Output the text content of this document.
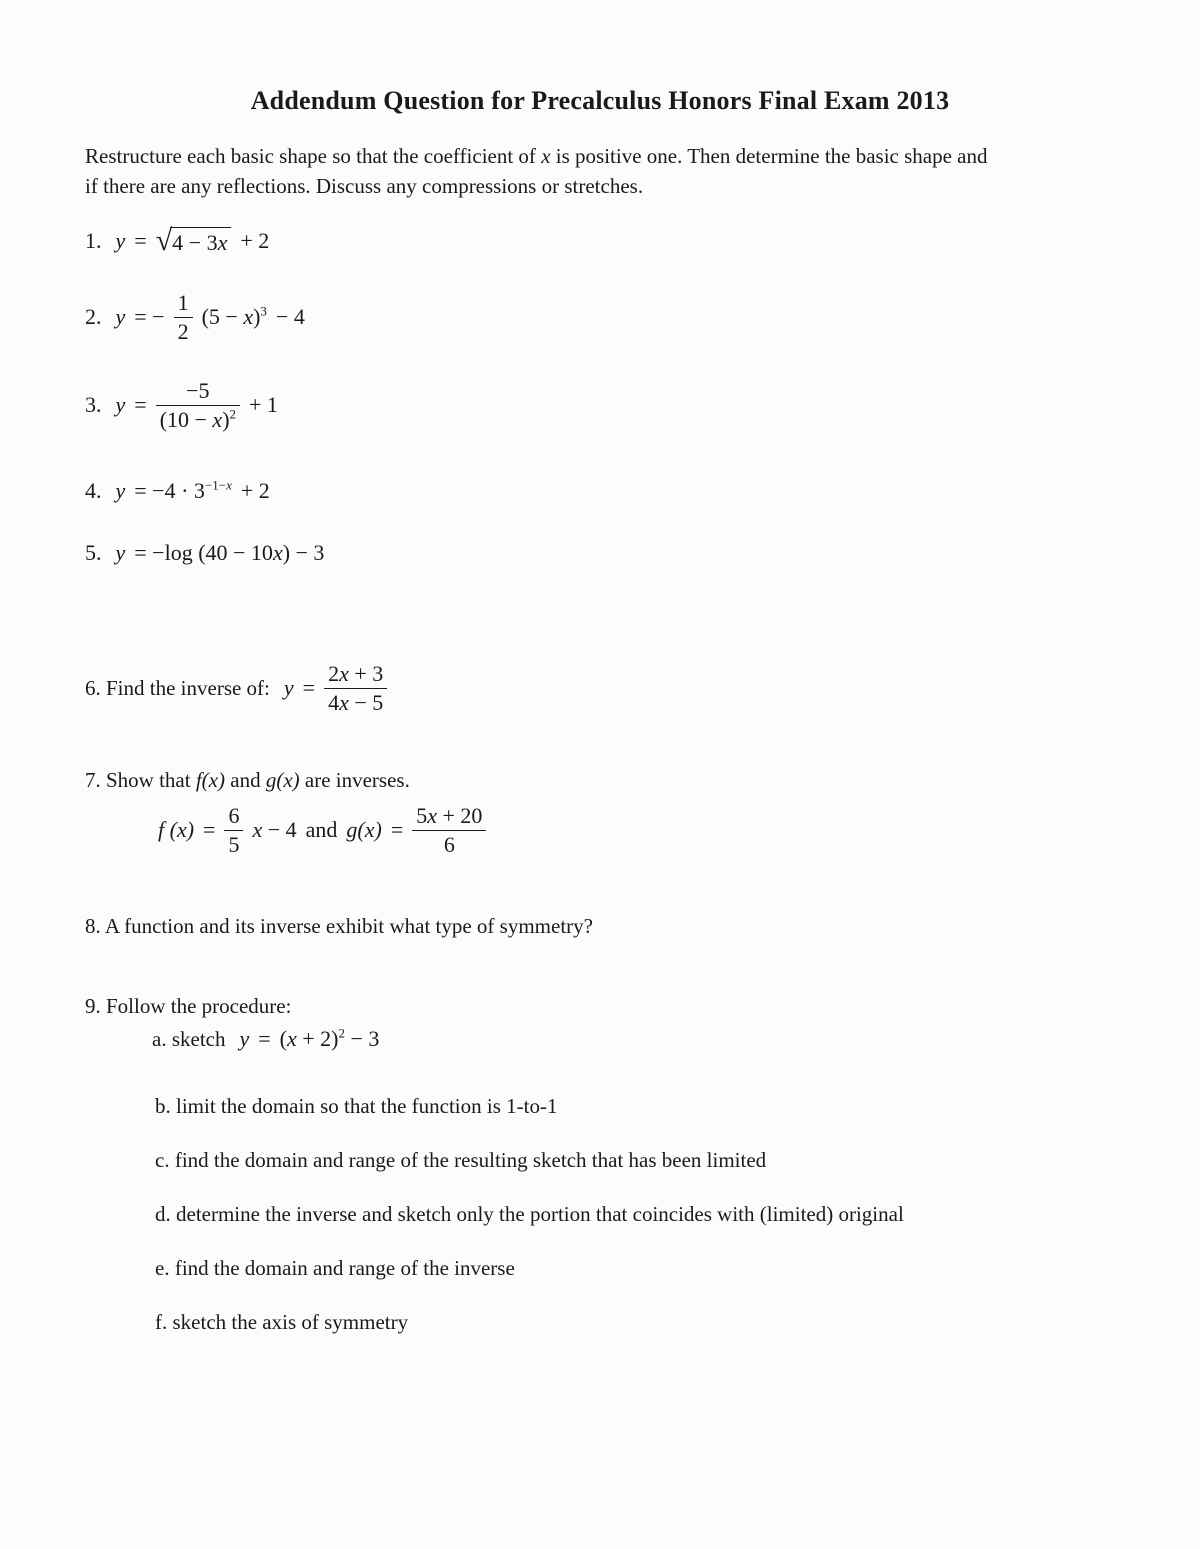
Addendum Question for Precalculus Honors Final Exam 2013

Restructure each basic shape so that the coefficient of x is positive one. Then determine the basic shape and
if there are any reflections. Discuss any compressions or stretches.

1. y = √ 4 − 3x + 2
2. y = − $\frac{1}{2} (5 - x)^3 - 4$
3. $y = \frac{-5}{(10 - x)^2} + 1$
4. $y = -4 \cdot 3^{-1-x} + 2$
5. y = −log (40 − 10x) − 3
6. Find the inverse of: $y = \frac{2x + 3}{4x - 5}$

7. Show that f(x) and g(x) are inverses.

f $(x) = \frac{6}{5}$ x − 4 and $g(x) = \frac{5x + 20}{6}$

8. A function and its inverse exhibit what type of symmetry?

9. Follow the procedure:

a. sketch $y = (x + 2)^2 - 3$

b. limit the domain so that the function is 1-to-1

c. find the domain and range of the resulting sketch that has been limited

d. determine the inverse and sketch only the portion that coincides with (limited) original

e. find the domain and range of the inverse

f. sketch the axis of symmetry
